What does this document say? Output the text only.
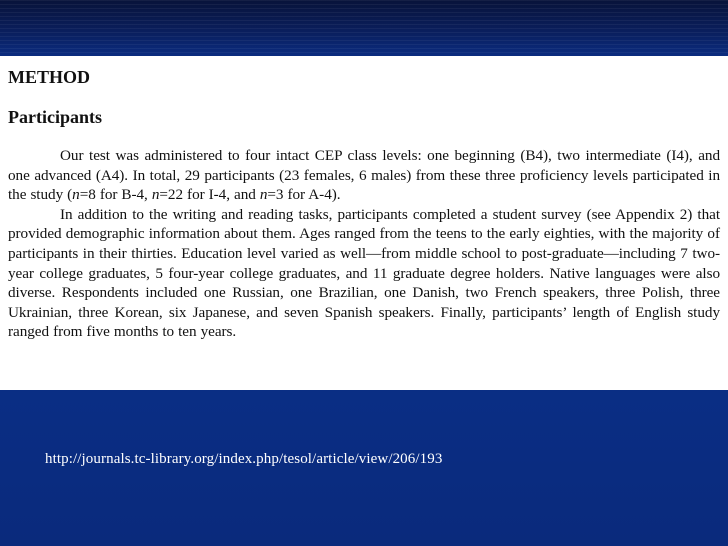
METHOD

Participants

Our test was administered to four intact CEP class levels: one beginning (B4), two intermediate (I4), and one advanced (A4). In total, 29 participants (23 females, 6 males) from these three proficiency levels participated in the study (n=8 for B-4, n=22 for I-4, and n=3 for A-4).

In addition to the writing and reading tasks, participants completed a student survey (see Appendix 2) that provided demographic information about them. Ages ranged from the teens to the early eighties, with the majority of participants in their thirties. Education level varied as well—from middle school to post-graduate—including 7 two-year college graduates, 5 four-year college graduates, and 11 graduate degree holders. Native languages were also diverse. Respondents included one Russian, one Brazilian, one Danish, two French speakers, three Polish, three Ukrainian, three Korean, six Japanese, and seven Spanish speakers. Finally, participants’ length of English study ranged from five months to ten years.

http://journals.tc-library.org/index.php/tesol/article/view/206/193
